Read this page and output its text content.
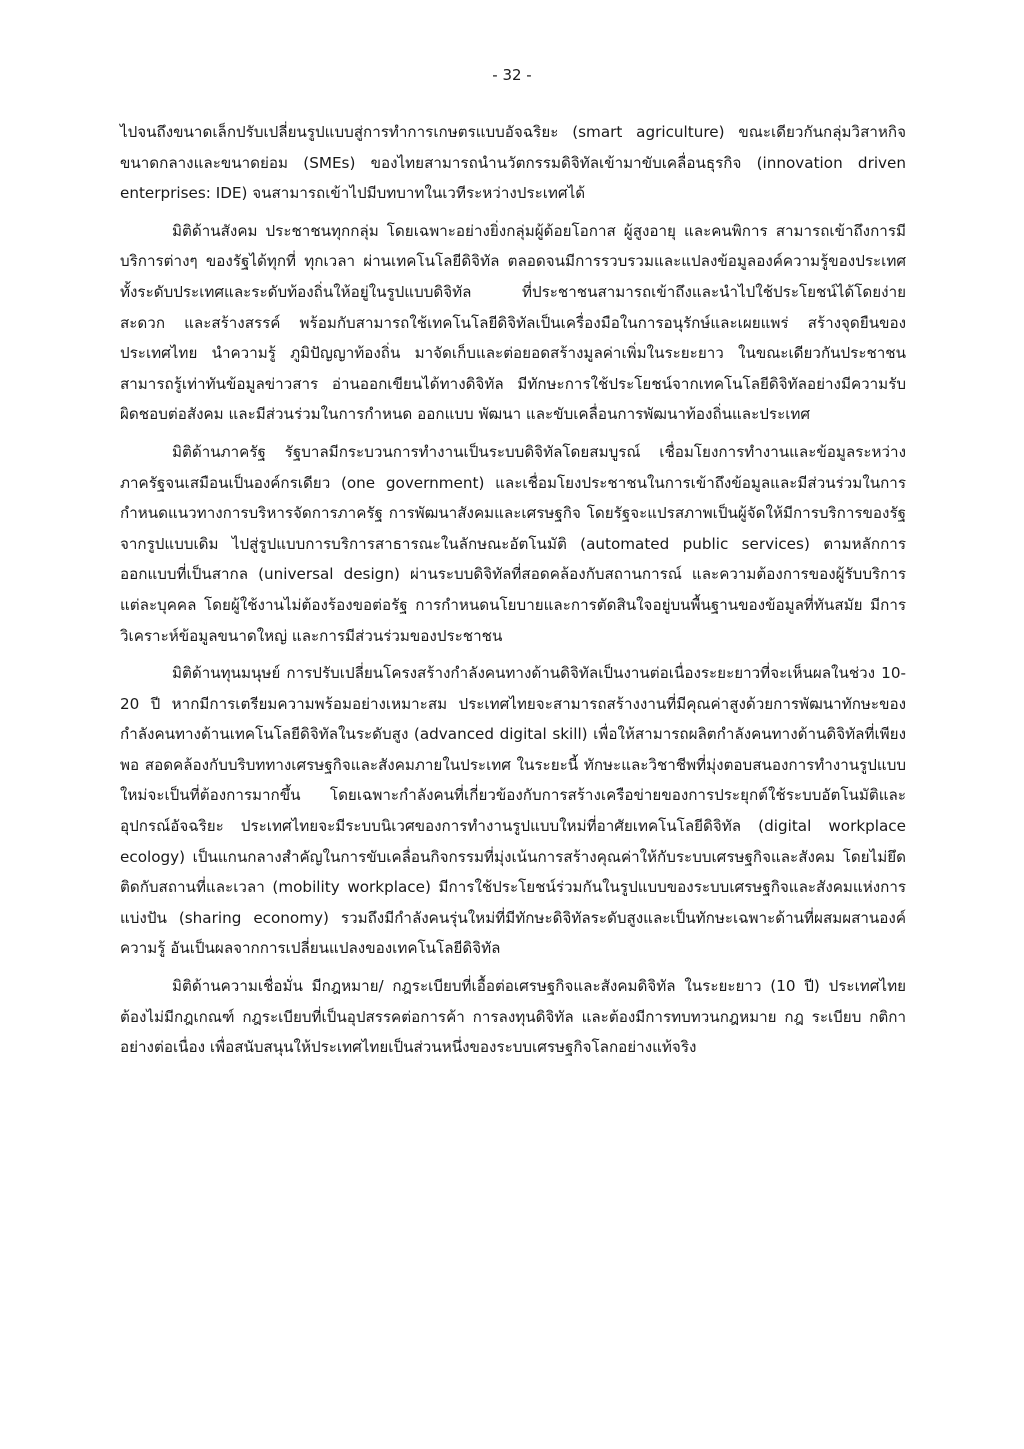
- 32 -

ไปจนถึงขนาดเล็กปรับเปลี่ยนรูปแบบสู่การทำการเกษตรแบบอัจฉริยะ (smart agriculture) ขณะเดียวกันกลุ่มวิสาหกิจขนาดกลางและขนาดย่อม (SMEs) ของไทยสามารถนำนวัตกรรมดิจิทัลเข้ามาขับเคลื่อนธุรกิจ (innovation driven enterprises: IDE) จนสามารถเข้าไปมีบทบาทในเวทีระหว่างประเทศได้

มิติด้านสังคม ประชาชนทุกกลุ่ม โดยเฉพาะอย่างยิ่งกลุ่มผู้ด้อยโอกาส ผู้สูงอายุ และคนพิการ สามารถเข้าถึงการมีบริการต่างๆ ของรัฐได้ทุกที่ ทุกเวลา ผ่านเทคโนโลยีดิจิทัล ตลอดจนมีการรวบรวมและแปลงข้อมูลองค์ความรู้ของประเทศ ทั้งระดับประเทศและระดับท้องถิ่นให้อยู่ในรูปแบบดิจิทัล ที่ประชาชนสามารถเข้าถึงและนำไปใช้ประโยชน์ได้โดยง่าย สะดวก และสร้างสรรค์ พร้อมกับสามารถใช้เทคโนโลยีดิจิทัลเป็นเครื่องมือในการอนุรักษ์และเผยแพร่ สร้างจุดยืนของประเทศไทย นำความรู้ ภูมิปัญญาท้องถิ่น มาจัดเก็บและต่อยอดสร้างมูลค่าเพิ่มในระยะยาว ในขณะเดียวกันประชาชนสามารถรู้เท่าทันข้อมูลข่าวสาร อ่านออกเขียนได้ทางดิจิทัล มีทักษะการใช้ประโยชน์จากเทคโนโลยีดิจิทัลอย่างมีความรับผิดชอบต่อสังคม และมีส่วนร่วมในการกำหนด ออกแบบ พัฒนา และขับเคลื่อนการพัฒนาท้องถิ่นและประเทศ

มิติด้านภาครัฐ รัฐบาลมีกระบวนการทำงานเป็นระบบดิจิทัลโดยสมบูรณ์ เชื่อมโยงการทำงานและข้อมูลระหว่างภาครัฐจนเสมือนเป็นองค์กรเดียว (one government) และเชื่อมโยงประชาชนในการเข้าถึงข้อมูลและมีส่วนร่วมในการกำหนดแนวทางการบริหารจัดการภาครัฐ การพัฒนาสังคมและเศรษฐกิจ โดยรัฐจะแปรสภาพเป็นผู้จัดให้มีการบริการของรัฐจากรูปแบบเดิม ไปสู่รูปแบบการบริการสาธารณะในลักษณะอัตโนมัติ (automated public services) ตามหลักการออกแบบที่เป็นสากล (universal design) ผ่านระบบดิจิทัลที่สอดคล้องกับสถานการณ์ และความต้องการของผู้รับบริการแต่ละบุคคล โดยผู้ใช้งานไม่ต้องร้องขอต่อรัฐ การกำหนดนโยบายและการตัดสินใจอยู่บนพื้นฐานของข้อมูลที่ทันสมัย มีการวิเคราะห์ข้อมูลขนาดใหญ่ และการมีส่วนร่วมของประชาชน

มิติด้านทุนมนุษย์ การปรับเปลี่ยนโครงสร้างกำลังคนทางด้านดิจิทัลเป็นงานต่อเนื่องระยะยาวที่จะเห็นผลในช่วง 10-20 ปี หากมีการเตรียมความพร้อมอย่างเหมาะสม ประเทศไทยจะสามารถสร้างงานที่มีคุณค่าสูงด้วยการพัฒนาทักษะของกำลังคนทางด้านเทคโนโลยีดิจิทัลในระดับสูง (advanced digital skill) เพื่อให้สามารถผลิตกำลังคนทางด้านดิจิทัลที่เพียงพอ สอดคล้องกับบริบททางเศรษฐกิจและสังคมภายในประเทศ ในระยะนี้ ทักษะและวิชาชีพที่มุ่งตอบสนองการทำงานรูปแบบใหม่จะเป็นที่ต้องการมากขึ้น โดยเฉพาะกำลังคนที่เกี่ยวข้องกับการสร้างเครือข่ายของการประยุกต์ใช้ระบบอัตโนมัติและอุปกรณ์อัจฉริยะ ประเทศไทยจะมีระบบนิเวศของการทำงานรูปแบบใหม่ที่อาศัยเทคโนโลยีดิจิทัล (digital workplace ecology) เป็นแกนกลางสำคัญในการขับเคลื่อนกิจกรรมที่มุ่งเน้นการสร้างคุณค่าให้กับระบบเศรษฐกิจและสังคม โดยไม่ยึดติดกับสถานที่และเวลา (mobility workplace) มีการใช้ประโยชน์ร่วมกันในรูปแบบของระบบเศรษฐกิจและสังคมแห่งการแบ่งปัน (sharing economy) รวมถึงมีกำลังคนรุ่นใหม่ที่มีทักษะดิจิทัลระดับสูงและเป็นทักษะเฉพาะด้านที่ผสมผสานองค์ความรู้ อันเป็นผลจากการเปลี่ยนแปลงของเทคโนโลยีดิจิทัล

มิติด้านความเชื่อมั่น มีกฎหมาย/ กฎระเบียบที่เอื้อต่อเศรษฐกิจและสังคมดิจิทัล ในระยะยาว (10 ปี) ประเทศไทยต้องไม่มีกฎเกณฑ์ กฎระเบียบที่เป็นอุปสรรคต่อการค้า การลงทุนดิจิทัล และต้องมีการทบทวนกฎหมาย กฎ ระเบียบ กติกาอย่างต่อเนื่อง เพื่อสนับสนุนให้ประเทศไทยเป็นส่วนหนึ่งของระบบเศรษฐกิจโลกอย่างแท้จริง
